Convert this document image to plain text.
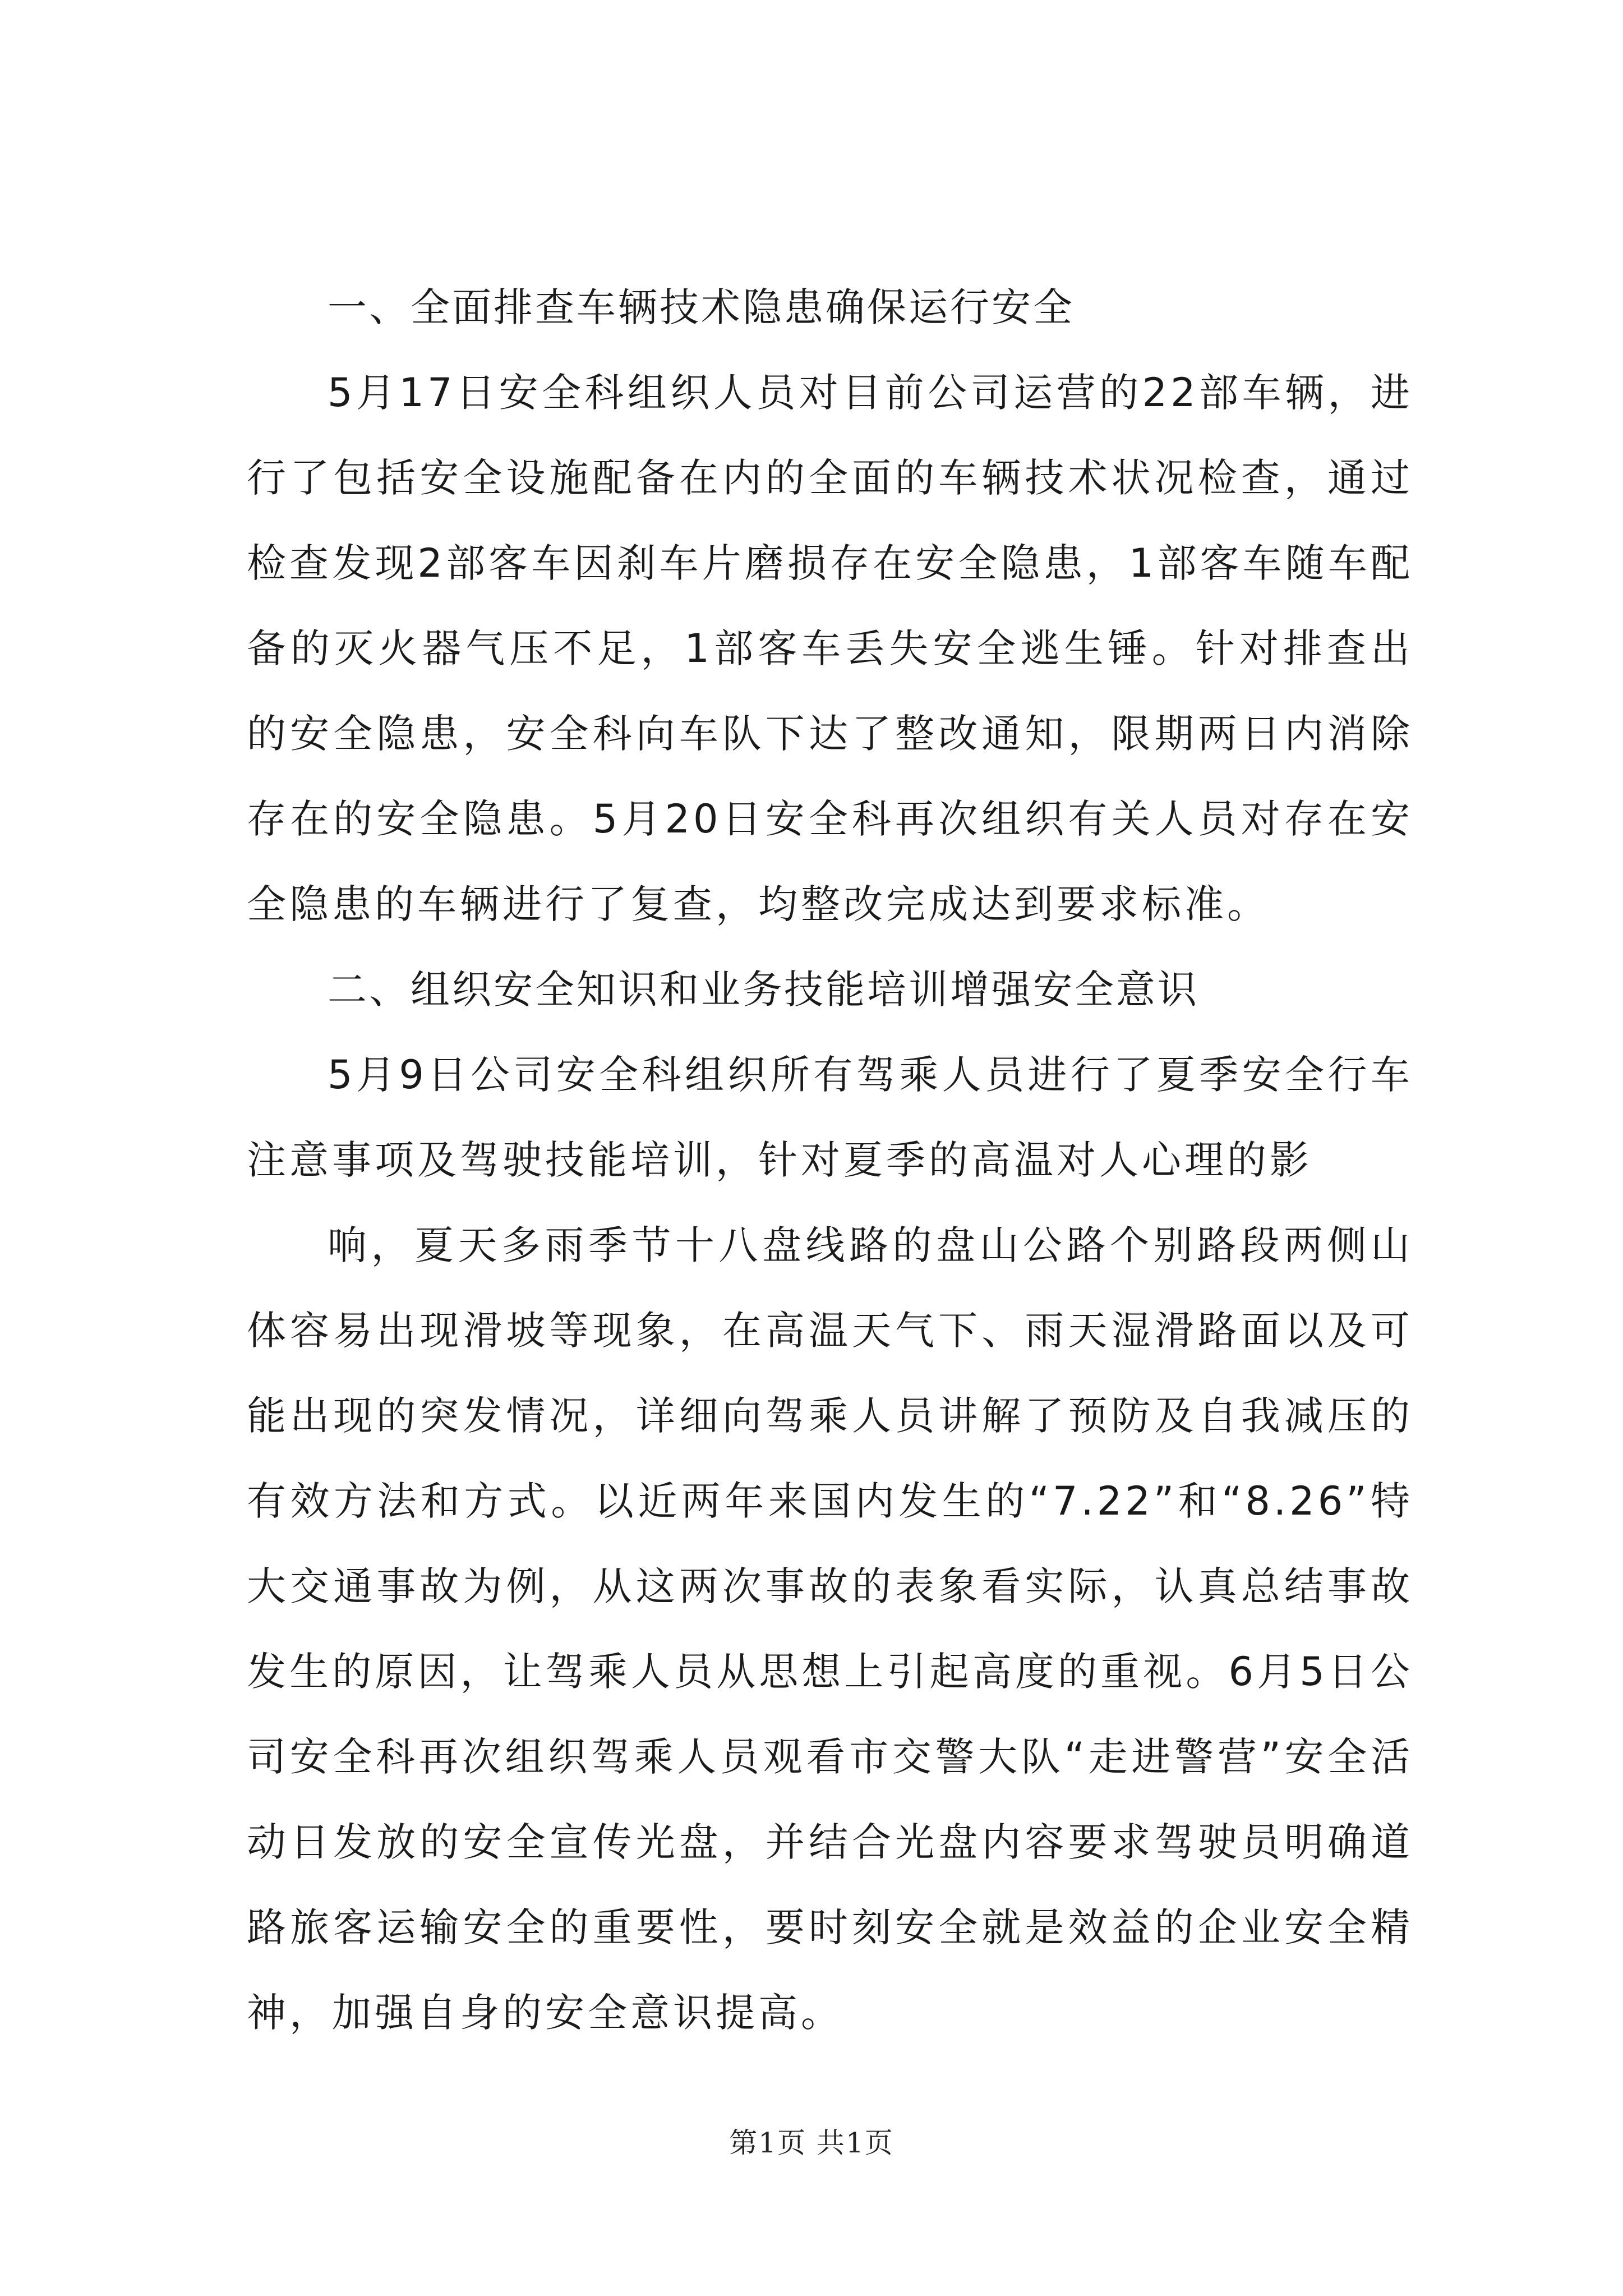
一、全面排查车辆技术隐患确保运行安全

5月17日安全科组织人员对目前公司运营的22部车辆，进行了包括安全设施配备在内的全面的车辆技术状况检查，通过检查发现2部客车因刹车片磨损存在安全隐患，1部客车随车配备的灭火器气压不足，1部客车丢失安全逃生锤。针对排查出的安全隐患，安全科向车队下达了整改通知，限期两日内消除存在的安全隐患。5月20日安全科再次组织有关人员对存在安全隐患的车辆进行了复查，均整改完成达到要求标准。

二、组织安全知识和业务技能培训增强安全意识

5月9日公司安全科组织所有驾乘人员进行了夏季安全行车注意事项及驾驶技能培训，针对夏季的高温对人心理的影

响，夏天多雨季节十八盘线路的盘山公路个别路段两侧山体容易出现滑坡等现象，在高温天气下、雨天湿滑路面以及可能出现的突发情况，详细向驾乘人员讲解了预防及自我减压的有效方法和方式。以近两年来国内发生的“7.22”和“8.26”特大交通事故为例，从这两次事故的表象看实际，认真总结事故发生的原因，让驾乘人员从思想上引起高度的重视。6月5日公司安全科再次组织驾乘人员观看市交警大队“走进警营”安全活动日发放的安全宣传光盘，并结合光盘内容要求驾驶员明确道路旅客运输安全的重要性，要时刻安全就是效益的企业安全精神，加强自身的安全意识提高。

第1页 共1页
